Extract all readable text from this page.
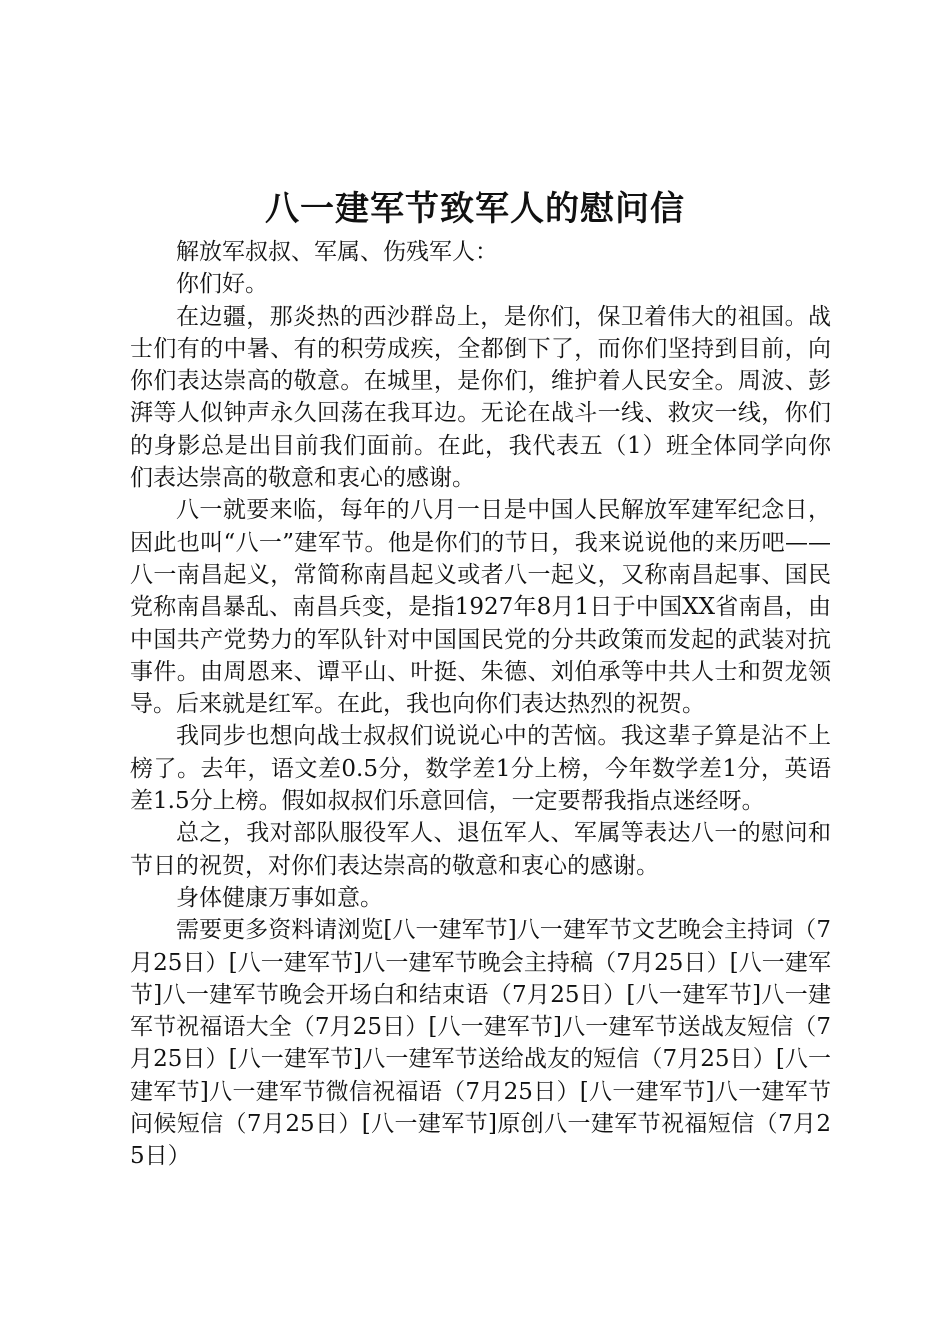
八一建军节致军人的慰问信

解放军叔叔、军属、伤残军人：

你们好。

在边疆，那炎热的西沙群岛上，是你们，保卫着伟大的祖国。战士们有的中暑、有的积劳成疾，全都倒下了，而你们坚持到目前，向你们表达崇高的敬意。在城里，是你们，维护着人民安全。周波、彭湃等人似钟声永久回荡在我耳边。无论在战斗一线、救灾一线，你们的身影总是出目前我们面前。在此，我代表五（1）班全体同学向你们表达崇高的敬意和衷心的感谢。

八一就要来临，每年的八月一日是中国人民解放军建军纪念日，因此也叫“八一”建军节。他是你们的节日，我来说说他的来历吧——八一南昌起义，常简称南昌起义或者八一起义，又称南昌起事、国民党称南昌暴乱、南昌兵变，是指1927年8月1日于中国XX省南昌，由中国共产党势力的军队针对中国国民党的分共政策而发起的武装对抗事件。由周恩来、谭平山、叶挺、朱德、刘伯承等中共人士和贺龙领导。后来就是红军。在此，我也向你们表达热烈的祝贺。

我同步也想向战士叔叔们说说心中的苦恼。我这辈子算是沾不上榜了。去年，语文差0.5分，数学差1分上榜，今年数学差1分，英语差1.5分上榜。假如叔叔们乐意回信，一定要帮我指点迷经呀。

总之，我对部队服役军人、退伍军人、军属等表达八一的慰问和节日的祝贺，对你们表达崇高的敬意和衷心的感谢。

身体健康万事如意。

需要更多资料请浏览[八一建军节]八一建军节文艺晚会主持词（7月25日）[八一建军节]八一建军节晚会主持稿（7月25日）[八一建军节]八一建军节晚会开场白和结束语（7月25日）[八一建军节]八一建军节祝福语大全（7月25日）[八一建军节]八一建军节送战友短信（7月25日）[八一建军节]八一建军节送给战友的短信（7月25日）[八一建军节]八一建军节微信祝福语（7月25日）[八一建军节]八一建军节问候短信（7月25日）[八一建军节]原创八一建军节祝福短信（7月25日）
